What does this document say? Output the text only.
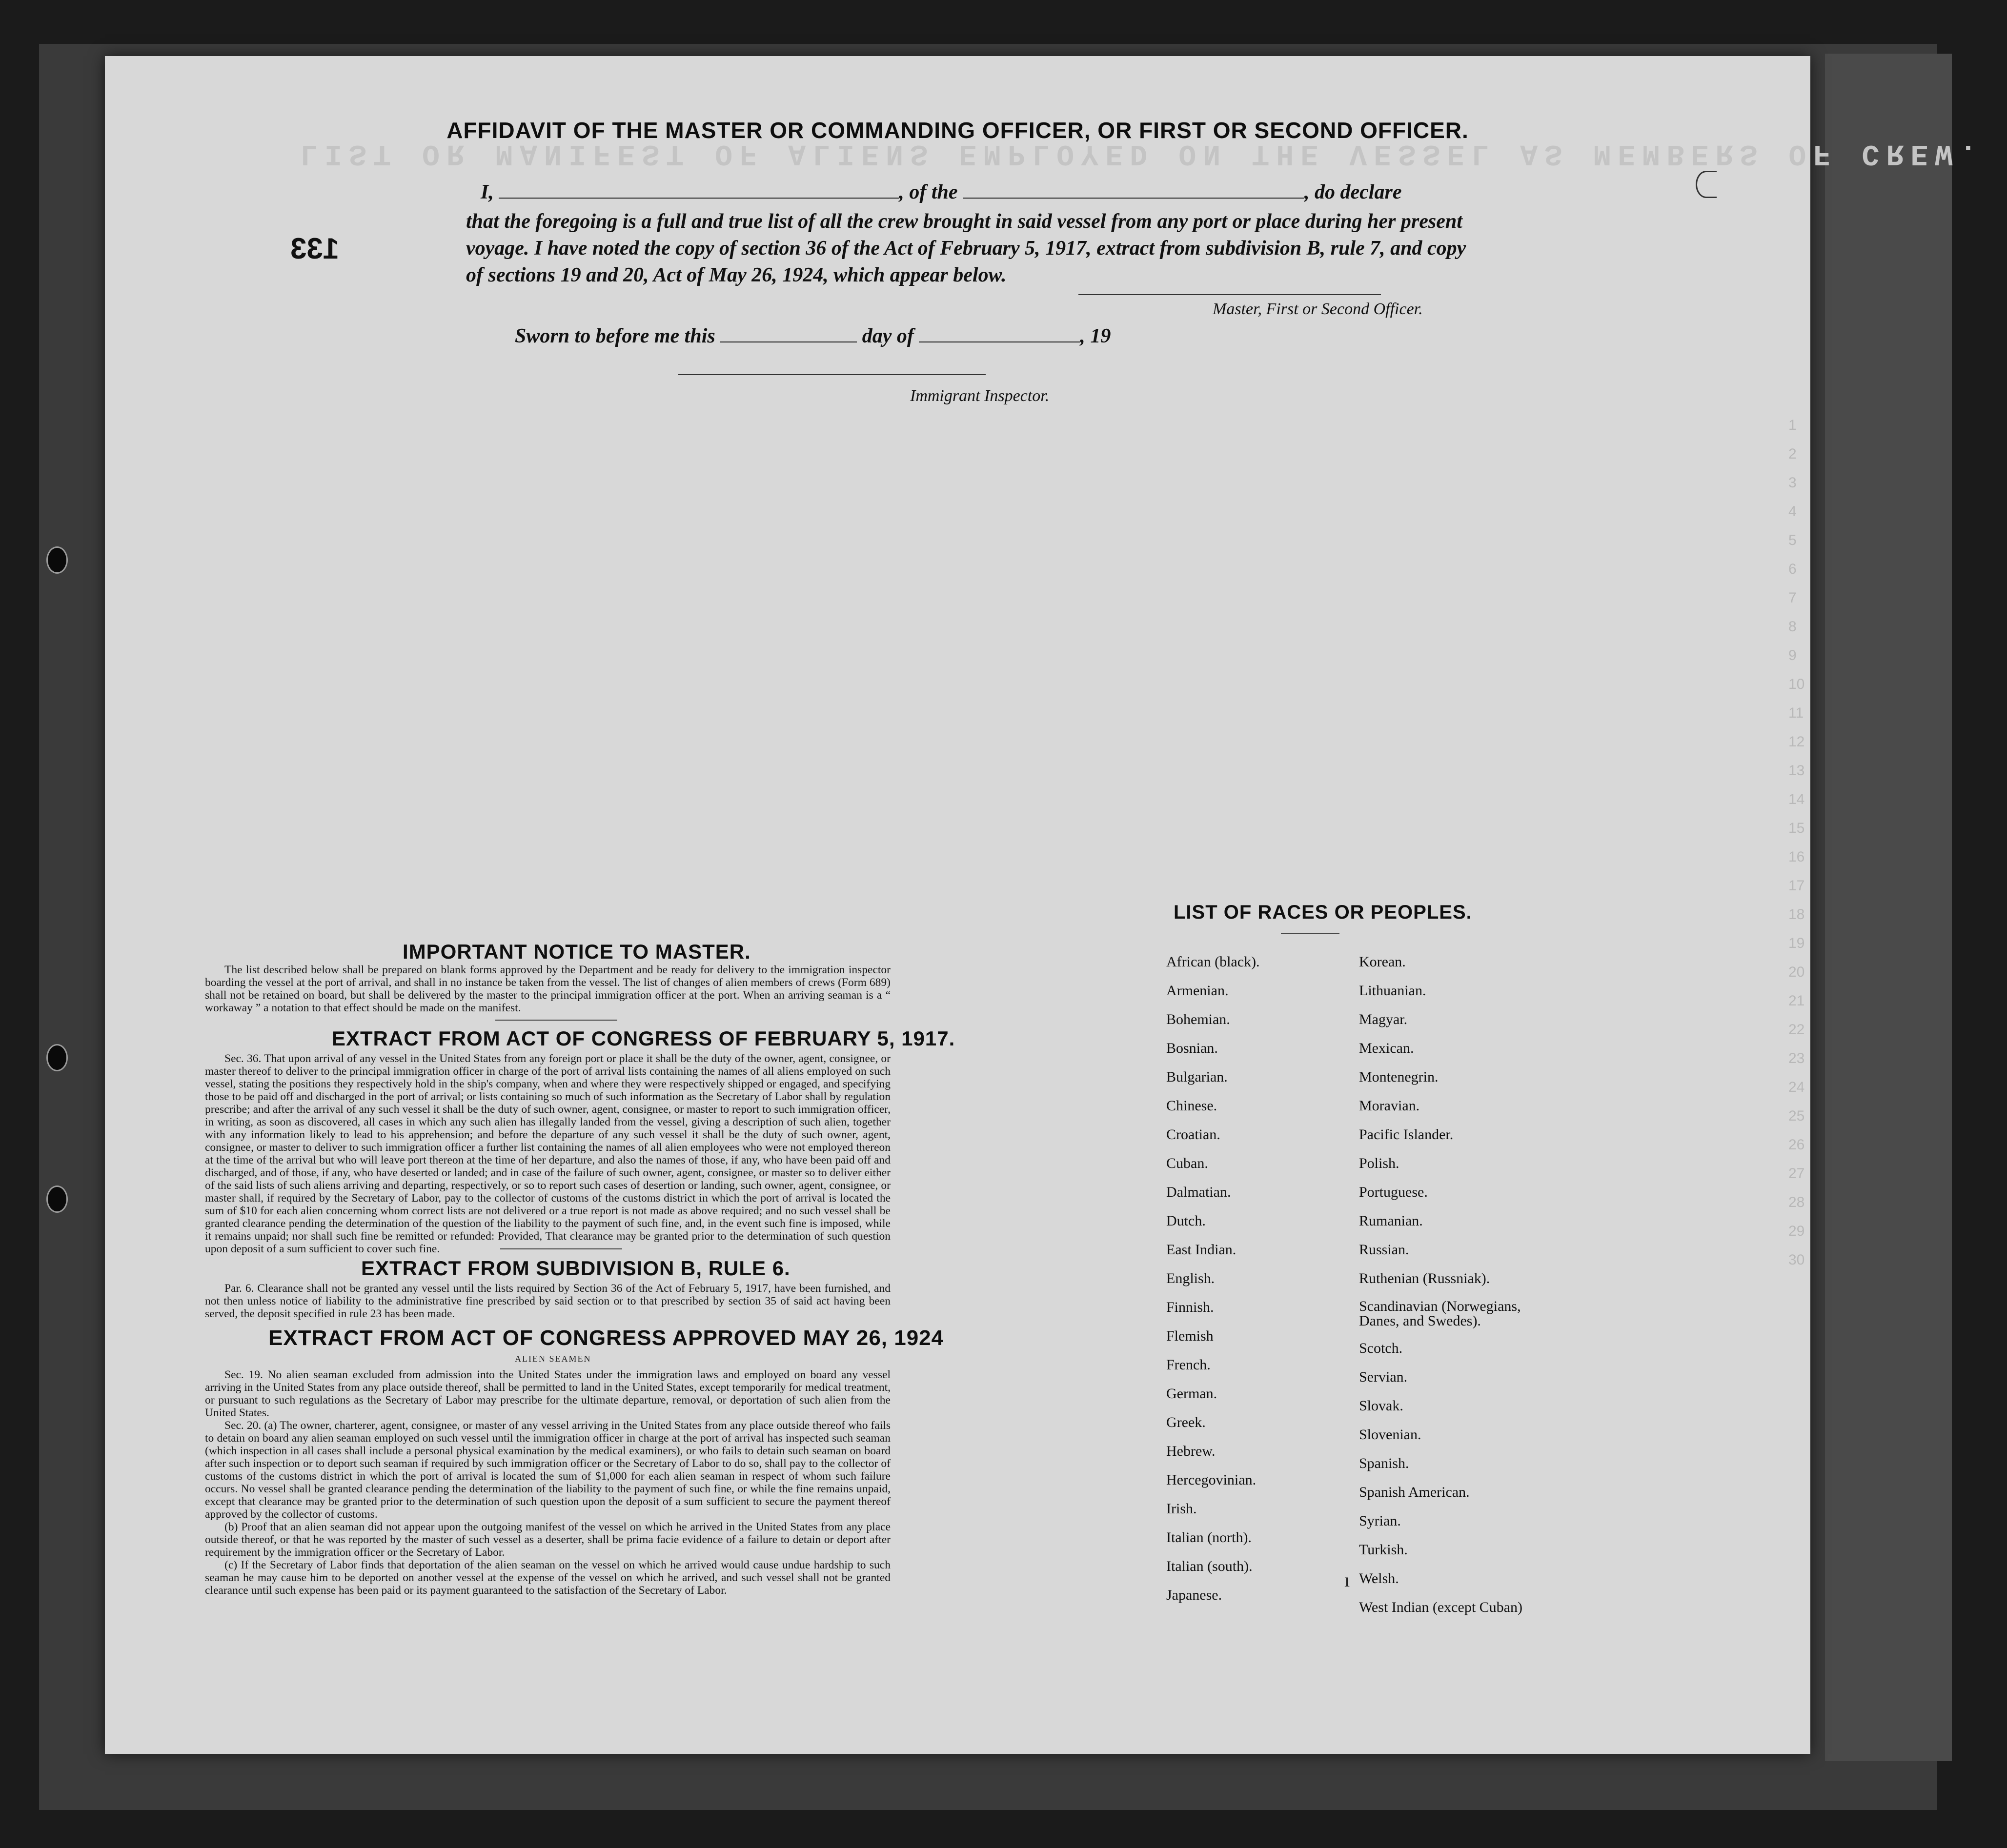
LIST OR MANIFEST OF ALIENS EMPLOYED ON THE VESSEL AS MEMBERS OF CREW.
1
2
3
4
5
6
7
8
9
10
11
12
13
14
15
16
17
18
19
20
21
22
23
24
25
26
27
28
29
30
133
AFFIDAVIT OF THE MASTER OR COMMANDING OFFICER, OR FIRST OR SECOND OFFICER.
I,	, of the	, do declare
that the foregoing is a full and true list of all the crew brought in said vessel from any port or place during her present
voyage. I have noted the copy of section 36 of the Act of February 5, 1917, extract from subdivision B, rule 7, and copy
of sections 19 and 20, Act of May 26, 1924, which appear below.
Master, First or Second Officer.
Sworn to before me this	day of	, 19
Immigrant Inspector.
IMPORTANT NOTICE TO MASTER.

The list described below shall be prepared on blank forms approved by the Department and be ready for delivery to the immigration inspector boarding the vessel at the port of arrival, and shall in no instance be taken from the vessel. The list of changes of alien members of crews (Form 689) shall not be retained on board, but shall be delivered by the master to the principal immigration officer at the port. When an arriving seaman is a “ workaway ” a notation to that effect should be made on the manifest.

EXTRACT FROM ACT OF CONGRESS OF FEBRUARY 5, 1917.

Sec. 36. That upon arrival of any vessel in the United States from any foreign port or place it shall be the duty of the owner, agent, consignee, or master thereof to deliver to the principal immigration officer in charge of the port of arrival lists containing the names of all aliens employed on such vessel, stating the positions they respectively hold in the ship's company, when and where they were respectively shipped or engaged, and specifying those to be paid off and discharged in the port of arrival; or lists containing so much of such information as the Secretary of Labor shall by regulation prescribe; and after the arrival of any such vessel it shall be the duty of such owner, agent, consignee, or master to report to such immigration officer, in writing, as soon as discovered, all cases in which any such alien has illegally landed from the vessel, giving a description of such alien, together with any information likely to lead to his apprehension; and before the departure of any such vessel it shall be the duty of such owner, agent, consignee, or master to deliver to such immigration officer a further list containing the names of all alien employees who were not employed thereon at the time of the arrival but who will leave port thereon at the time of her departure, and also the names of those, if any, who have been paid off and discharged, and of those, if any, who have deserted or landed; and in case of the failure of such owner, agent, consignee, or master so to deliver either of the said lists of such aliens arriving and departing, respectively, or so to report such cases of desertion or landing, such owner, agent, consignee, or master shall, if required by the Secretary of Labor, pay to the collector of customs of the customs district in which the port of arrival is located the sum of $10 for each alien concerning whom correct lists are not delivered or a true report is not made as above required; and no such vessel shall be granted clearance pending the determination of the question of the liability to the payment of such fine, and, in the event such fine is imposed, while it remains unpaid; nor shall such fine be remitted or refunded: Provided, That clearance may be granted prior to the determination of such question upon deposit of a sum sufficient to cover such fine.

EXTRACT FROM SUBDIVISION B, RULE 6.

Par. 6. Clearance shall not be granted any vessel until the lists required by Section 36 of the Act of February 5, 1917, have been furnished, and not then unless notice of liability to the administrative fine prescribed by said section or to that prescribed by section 35 of said act having been served, the deposit specified in rule 23 has been made.

EXTRACT FROM ACT OF CONGRESS APPROVED MAY 26, 1924
ALIEN SEAMEN

Sec. 19. No alien seaman excluded from admission into the United States under the immigration laws and employed on board any vessel arriving in the United States from any place outside thereof, shall be permitted to land in the United States, except temporarily for medical treatment, or pursuant to such regulations as the Secretary of Labor may prescribe for the ultimate departure, removal, or deportation of such alien from the United States.

Sec. 20. (a) The owner, charterer, agent, consignee, or master of any vessel arriving in the United States from any place outside thereof who fails to detain on board any alien seaman employed on such vessel until the immigration officer in charge at the port of arrival has inspected such seaman (which inspection in all cases shall include a personal physical examination by the medical examiners), or who fails to detain such seaman on board after such inspection or to deport such seaman if required by such immigration officer or the Secretary of Labor to do so, shall pay to the collector of customs of the customs district in which the port of arrival is located the sum of $1,000 for each alien seaman in respect of whom such failure occurs. No vessel shall be granted clearance pending the determination of the liability to the payment of such fine, or while the fine remains unpaid, except that clearance may be granted prior to the determination of such question upon the deposit of a sum sufficient to secure the payment thereof approved by the collector of customs.

(b) Proof that an alien seaman did not appear upon the outgoing manifest of the vessel on which he arrived in the United States from any place outside thereof, or that he was reported by the master of such vessel as a deserter, shall be prima facie evidence of a failure to detain or deport after requirement by the immigration officer or the Secretary of Labor.

(c) If the Secretary of Labor finds that deportation of the alien seaman on the vessel on which he arrived would cause undue hardship to such seaman he may cause him to be deported on another vessel at the expense of the vessel on which he arrived, and such vessel shall not be granted clearance until such expense has been paid or its payment guaranteed to the satisfaction of the Secretary of Labor.

LIST OF RACES OR PEOPLES.
African (black).
Armenian.
Bohemian.
Bosnian.
Bulgarian.
Chinese.
Croatian.
Cuban.
Dalmatian.
Dutch.
East Indian.
English.
Finnish.
Flemish
French.
German.
Greek.
Hebrew.
Hercegovinian.
Irish.
Italian (north).
Italian (south).
Japanese.
Korean.
Lithuanian.
Magyar.
Mexican.
Montenegrin.
Moravian.
Pacific Islander.
Polish.
Portuguese.
Rumanian.
Russian.
Ruthenian (Russniak).
Scandinavian (Norwegians, Danes, and Swedes).
Scotch.
Servian.
Slovak.
Slovenian.
Spanish.
Spanish American.
Syrian.
Turkish.
Welsh.
West Indian (except Cuban)
ı
